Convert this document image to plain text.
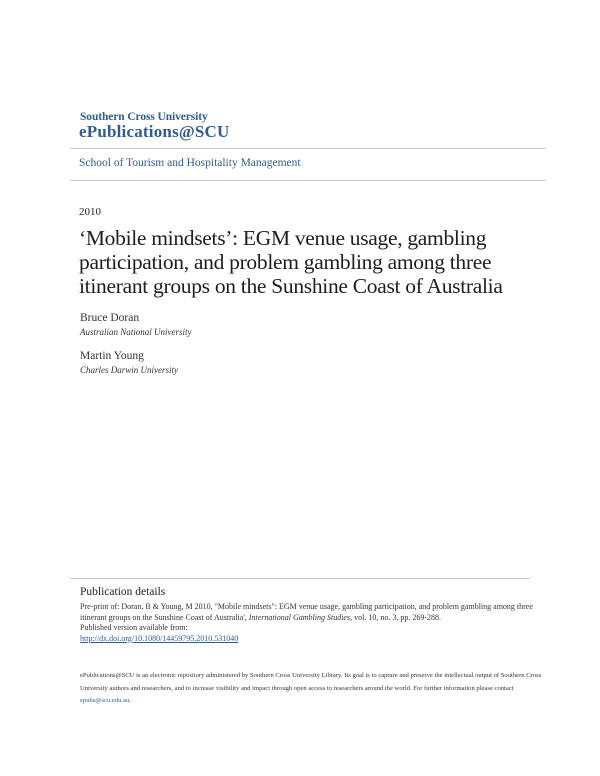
Southern Cross University
ePublications@SCU
School of Tourism and Hospitality Management
2010
‘Mobile mindsets’: EGM venue usage, gambling participation, and problem gambling among three itinerant groups on the Sunshine Coast of Australia
Bruce Doran
Australian National University
Martin Young
Charles Darwin University
Publication details
Pre-print of: Doran, B & Young, M 2010, "Mobile mindsets": EGM venue usage, gambling participation, and problem gambling among three itinerant groups on the Sunshine Coast of Australia', International Gambling Studies, vol. 10, no. 3, pp. 269-288.
Published version available from:
http://dx.doi.org/10.1080/14459795.2010.531040
ePublications@SCU is an electronic repository administered by Southern Cross University Library. Its goal is to capture and preserve the intellectual output of Southern Cross University authors and researchers, and to increase visibility and impact through open access to researchers around the world. For further information please contact epubs@scu.edu.au.
